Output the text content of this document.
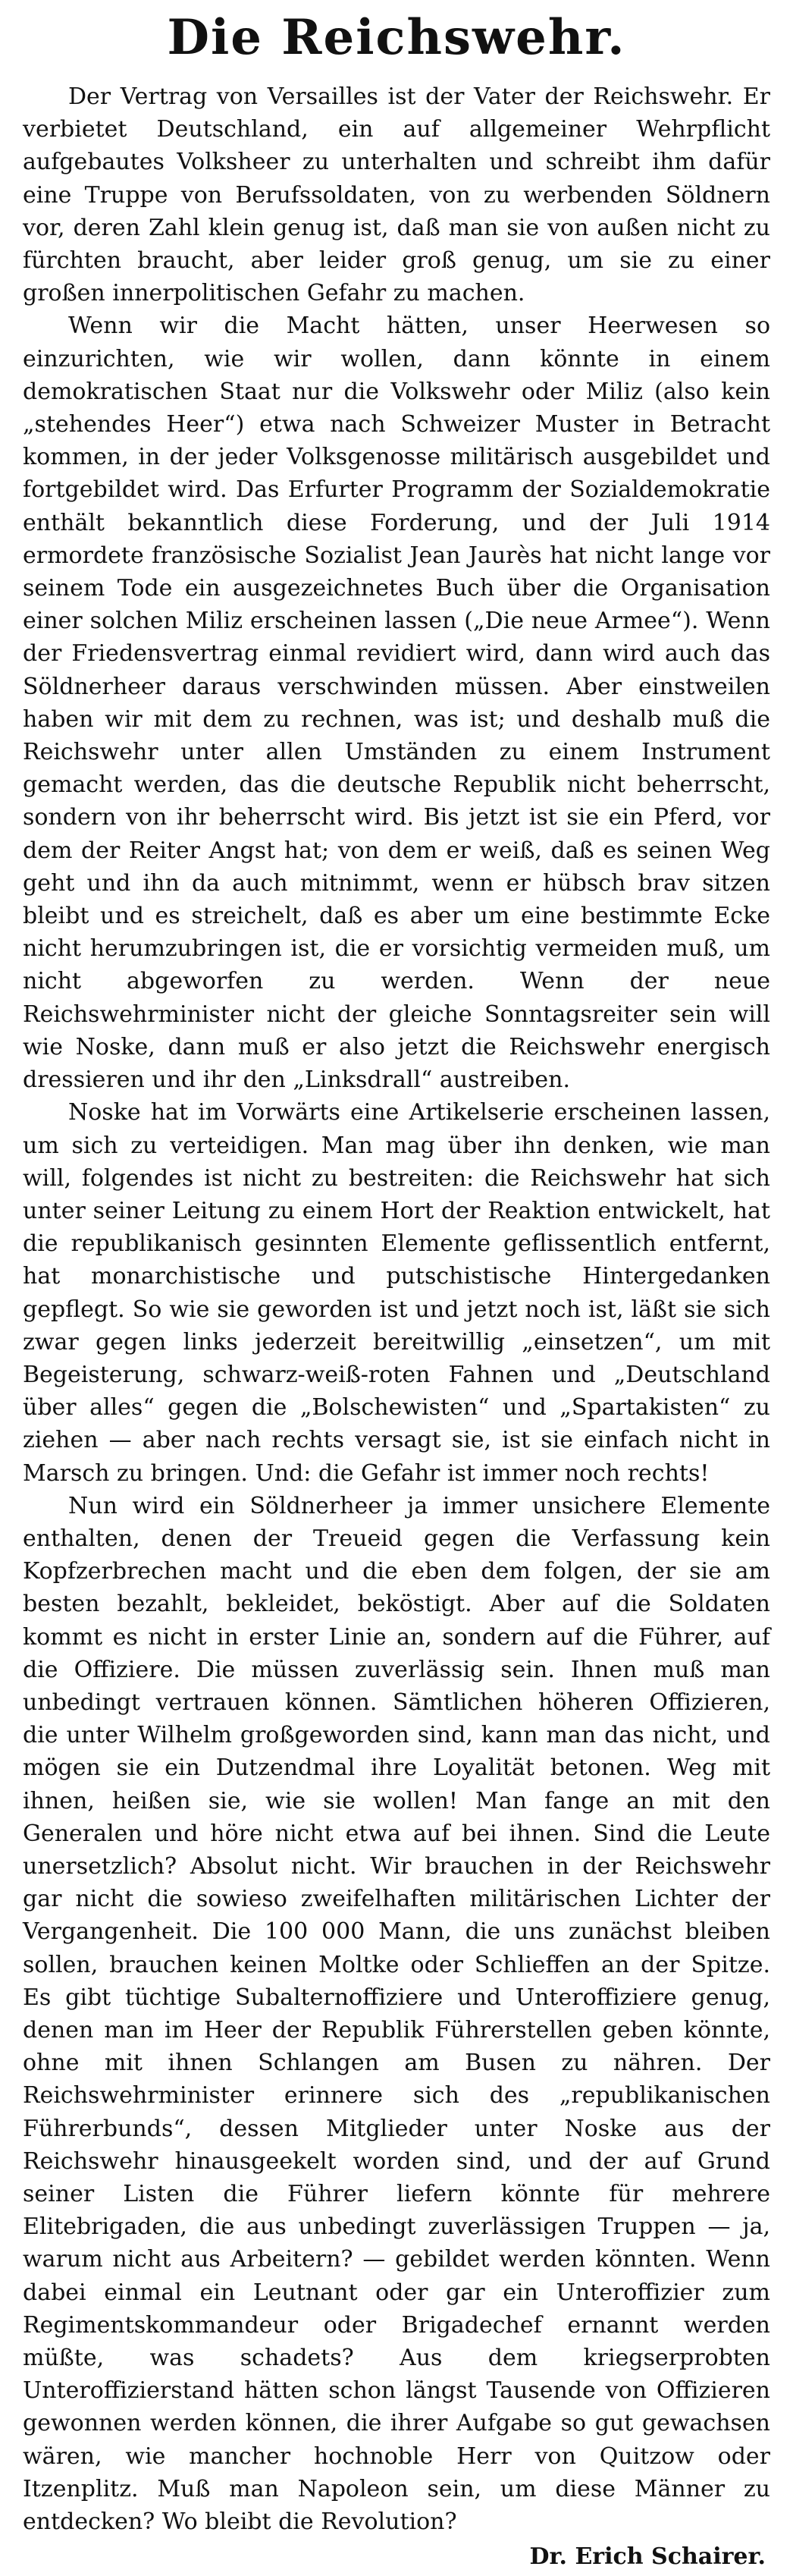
Die Reichswehr.

Der Vertrag von Versailles ist der Vater der Reichswehr. Er verbietet Deutschland, ein auf allgemeiner Wehrpflicht aufgebautes Volksheer zu unterhalten und schreibt ihm dafür eine Truppe von Berufssoldaten, von zu werbenden Söldnern vor, deren Zahl klein genug ist, daß man sie von außen nicht zu fürchten braucht, aber leider groß genug, um sie zu einer großen innerpolitischen Gefahr zu machen.

Wenn wir die Macht hätten, unser Heerwesen so einzurichten, wie wir wollen, dann könnte in einem demokratischen Staat nur die Volkswehr oder Miliz (also kein „stehendes Heer“) etwa nach Schweizer Muster in Betracht kommen, in der jeder Volksgenosse militärisch ausgebildet und fortgebildet wird. Das Erfurter Programm der Sozialdemokratie enthält bekanntlich diese Forderung, und der Juli 1914 ermordete französische Sozialist Jean Jaurès hat nicht lange vor seinem Tode ein ausgezeichnetes Buch über die Organisation einer solchen Miliz erscheinen lassen („Die neue Armee“). Wenn der Friedensvertrag einmal revidiert wird, dann wird auch das Söldnerheer daraus verschwinden müssen. Aber einstweilen haben wir mit dem zu rechnen, was ist; und deshalb muß die Reichswehr unter allen Umständen zu einem Instrument gemacht werden, das die deutsche Republik nicht beherrscht, sondern von ihr beherrscht wird. Bis jetzt ist sie ein Pferd, vor dem der Reiter Angst hat; von dem er weiß, daß es seinen Weg geht und ihn da auch mitnimmt, wenn er hübsch brav sitzen bleibt und es streichelt, daß es aber um eine bestimmte Ecke nicht herumzubringen ist, die er vorsichtig vermeiden muß, um nicht abgeworfen zu werden. Wenn der neue Reichswehrminister nicht der gleiche Sonntagsreiter sein will wie Noske, dann muß er also jetzt die Reichswehr energisch dressieren und ihr den „Linksdrall“ austreiben.

Noske hat im Vorwärts eine Artikelserie erscheinen lassen, um sich zu verteidigen. Man mag über ihn denken, wie man will, folgendes ist nicht zu bestreiten: die Reichswehr hat sich unter seiner Leitung zu einem Hort der Reaktion entwickelt, hat die republikanisch gesinnten Elemente geflissentlich entfernt, hat monarchistische und putschistische Hintergedanken gepflegt. So wie sie geworden ist und jetzt noch ist, läßt sie sich zwar gegen links jederzeit bereitwillig „einsetzen“, um mit Begeisterung, schwarz-weiß-roten Fahnen und „Deutschland über alles“ gegen die „Bolschewisten“ und „Spartakisten“ zu ziehen — aber nach rechts versagt sie, ist sie einfach nicht in Marsch zu bringen. Und: die Gefahr ist immer noch rechts!

Nun wird ein Söldnerheer ja immer unsichere Elemente enthalten, denen der Treueid gegen die Verfassung kein Kopfzerbrechen macht und die eben dem folgen, der sie am besten bezahlt, bekleidet, beköstigt. Aber auf die Soldaten kommt es nicht in erster Linie an, sondern auf die Führer, auf die Offiziere. Die müssen zuverlässig sein. Ihnen muß man unbedingt vertrauen können. Sämtlichen höheren Offizieren, die unter Wilhelm großgeworden sind, kann man das nicht, und mögen sie ein Dutzendmal ihre Loyalität betonen. Weg mit ihnen, heißen sie, wie sie wollen! Man fange an mit den Generalen und höre nicht etwa auf bei ihnen. Sind die Leute unersetzlich? Absolut nicht. Wir brauchen in der Reichswehr gar nicht die sowieso zweifelhaften militärischen Lichter der Vergangenheit. Die 100 000 Mann, die uns zunächst bleiben sollen, brauchen keinen Moltke oder Schlieffen an der Spitze. Es gibt tüchtige Subalternoffiziere und Unteroffiziere genug, denen man im Heer der Republik Führerstellen geben könnte, ohne mit ihnen Schlangen am Busen zu nähren. Der Reichswehrminister erinnere sich des „republikanischen Führerbunds“, dessen Mitglieder unter Noske aus der Reichswehr hinausgeekelt worden sind, und der auf Grund seiner Listen die Führer liefern könnte für mehrere Elitebrigaden, die aus unbedingt zuverlässigen Truppen — ja, warum nicht aus Arbeitern? — gebildet werden könnten. Wenn dabei einmal ein Leutnant oder gar ein Unteroffizier zum Regimentskommandeur oder Brigadechef ernannt werden müßte, was schadets? Aus dem kriegserprobten Unteroffizierstand hätten schon längst Tausende von Offizieren gewonnen werden können, die ihrer Aufgabe so gut gewachsen wären, wie mancher hochnoble Herr von Quitzow oder Itzenplitz. Muß man Napoleon sein, um diese Männer zu entdecken? Wo bleibt die Revolution?

Dr. Erich Schairer.
